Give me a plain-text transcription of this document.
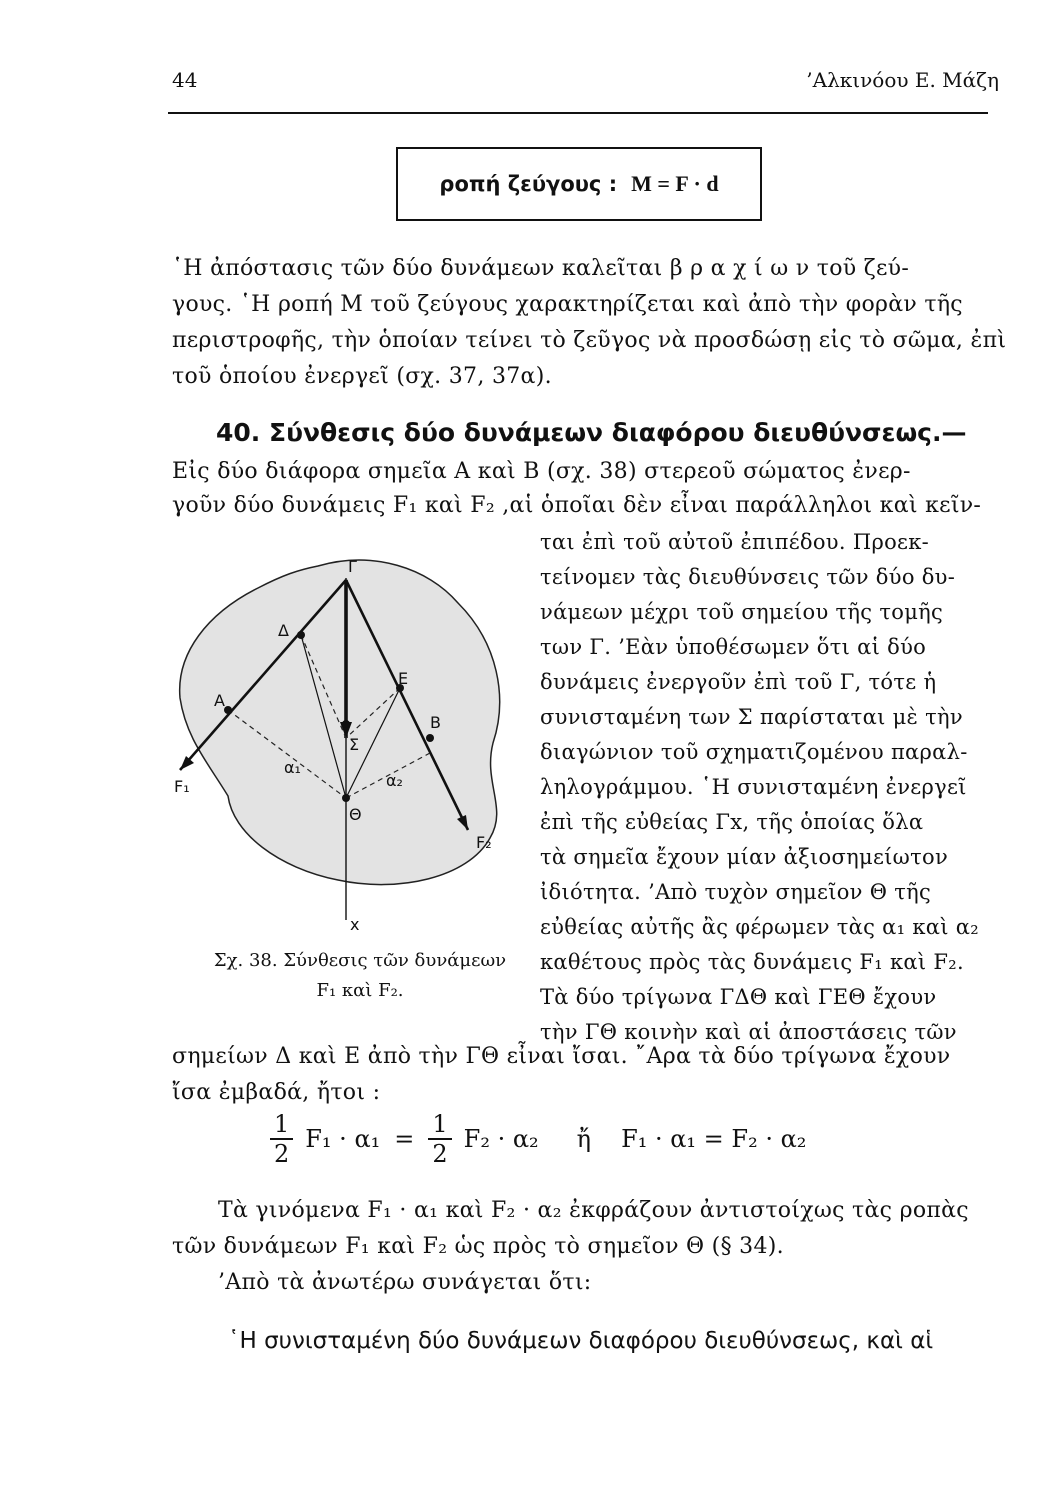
44	’Αλκινόου Ε. Μάζη
ροπή ζεύγους : M = F · d
῾Η ἀπόστασις τῶν δύο δυνάμεων καλεῖται β ρ α χ ί ω ν τοῦ ζεύ-
γους. ῾Η ροπή Μ τοῦ ζεύγους χαρακτηρίζεται καὶ ἀπὸ τὴν φορὰν τῆς
περιστροφῆς, τὴν ὁποίαν τείνει τὸ ζεῦγος νὰ προσδώσῃ εἰς τὸ σῶμα, ἐπὶ
τοῦ ὁποίου ἐνεργεῖ (σχ. 37, 37α).
40. Σύνθεσις δύο δυνάμεων διαφόρου διευθύνσεως.—
Εἰς δύο διάφορα σημεῖα Α καὶ Β (σχ. 38) στερεοῦ σώματος ἐνερ-
γοῦν δύο δυνάμεις F₁ καὶ F₂ ,αἱ ὁποῖαι δὲν εἶναι παράλληλοι καὶ κεῖν-
ται ἐπὶ τοῦ αὐτοῦ ἐπιπέδου. Προεκ-
τείνομεν τὰς διευθύνσεις τῶν δύο δυ-
νάμεων μέχρι τοῦ σημείου τῆς τομῆς
των Γ. ’Εὰν ὑποθέσωμεν ὅτι αἱ δύο
δυνάμεις ἐνεργοῦν ἐπὶ τοῦ Γ, τότε ἡ
συνισταμένη των Σ παρίσταται μὲ τὴν
διαγώνιον τοῦ σχηματιζομένου παραλ-
ληλογράμμου. ῾Η συνισταμένη ἐνεργεῖ
ἐπὶ τῆς εὐθείας Γx, τῆς ὁποίας ὅλα
τὰ σημεῖα ἔχουν μίαν ἀξιοσημείωτον
ἰδιότητα. ’Απὸ τυχὸν σημεῖον Θ τῆς
εὐθείας αὐτῆς ἂς φέρωμεν τὰς α₁ καὶ α₂
καθέτους πρὸς τὰς δυνάμεις F₁ καὶ F₂.
Τὰ δύο τρίγωνα ΓΔΘ καὶ ΓΕΘ ἔχουν
τὴν ΓΘ κοινὴν καὶ αἱ ἀποστάσεις τῶν
Γ
Δ
Ε
Α
Β
Σ
α₁
α₂
Θ
F₁
F₂
x
Σχ. 38. Σύνθεσις τῶν δυνάμεων
F₁ καὶ F₂.
σημείων Δ καὶ Ε ἀπὸ τὴν ΓΘ εἶναι ἴσαι. ῎Αρα τὰ δύο τρίγωνα ἔχουν
ἴσα ἐμβαδά, ἤτοι :
$\frac{1}{2} F_1 \cdot \alpha_1 = \frac{1}{2} F_2 \cdot \alpha_2$ ἤ F₁ · α₁ = F₂ · α₂
Τὰ γινόμενα F₁ · α₁ καὶ F₂ · α₂ ἐκφράζουν ἀντιστοίχως τὰς ροπὰς
τῶν δυνάμεων F₁ καὶ F₂ ὡς πρὸς τὸ σημεῖον Θ (§ 34).
’Απὸ τὰ ἀνωτέρω συνάγεται ὅτι:
῾Η συνισταμένη δύο δυνάμεων διαφόρου διευθύνσεως, καὶ αἱ
